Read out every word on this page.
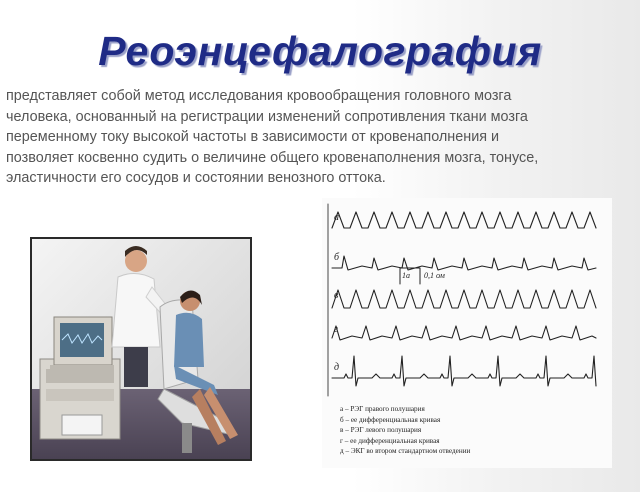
Реоэнцефалография
представляет собой метод исследования кровообращения головного мозга
человека, основанный на регистрации изменений сопротивления ткани мозга
переменному току высокой частоты в зависимости от кровенаполнения и
позволяет косвенно судить о величине общего кровенаполнения мозга, тонусе,
эластичности его сосудов и состоянии венозного оттока.
а
б
в
г
д
1а 0,1 ом
а – РЭГ правого полушария
б – ее дифференциальная кривая
в – РЭГ левого полушария
г – ее дифференциальная кривая
д – ЭКГ во втором стандартном отведении
